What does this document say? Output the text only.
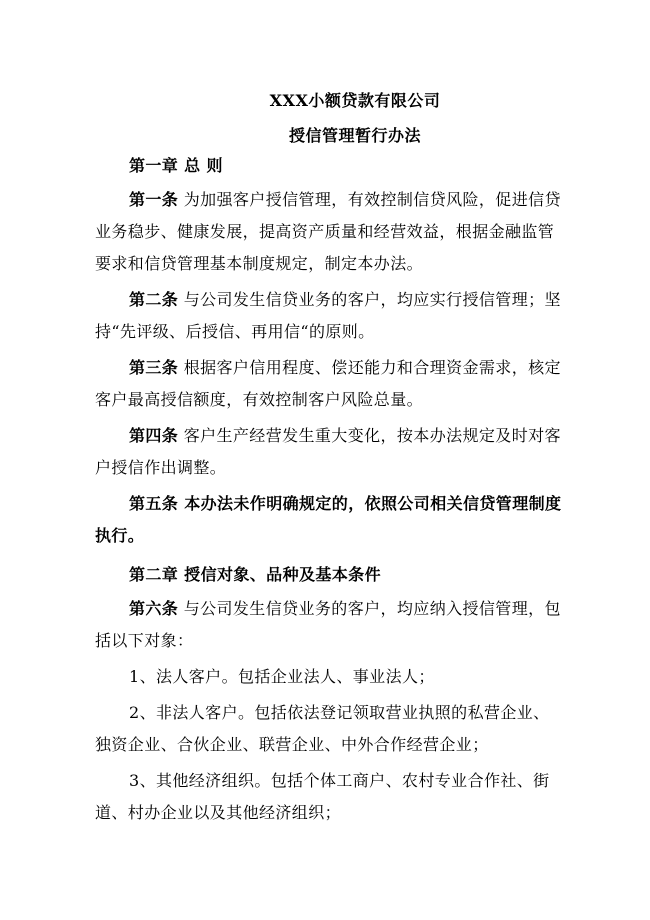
XXX小额贷款有限公司
授信管理暂行办法
第一章 总 则
第一条 为加强客户授信管理，有效控制信贷风险，促进信贷业务稳步、健康发展，提高资产质量和经营效益，根据金融监管要求和信贷管理基本制度规定，制定本办法。
第二条 与公司发生信贷业务的客户，均应实行授信管理；坚持“先评级、后授信、再用信“的原则。
第三条 根据客户信用程度、偿还能力和合理资金需求，核定客户最高授信额度，有效控制客户风险总量。
第四条 客户生产经营发生重大变化，按本办法规定及时对客户授信作出调整。
第五条 本办法未作明确规定的，依照公司相关信贷管理制度执行。
第二章 授信对象、品种及基本条件
第六条 与公司发生信贷业务的客户，均应纳入授信管理，包括以下对象：
1、法人客户。包括企业法人、事业法人；
2、非法人客户。包括依法登记领取营业执照的私营企业、独资企业、合伙企业、联营企业、中外合作经营企业；
3、其他经济组织。包括个体工商户、农村专业合作社、街道、村办企业以及其他经济组织；
